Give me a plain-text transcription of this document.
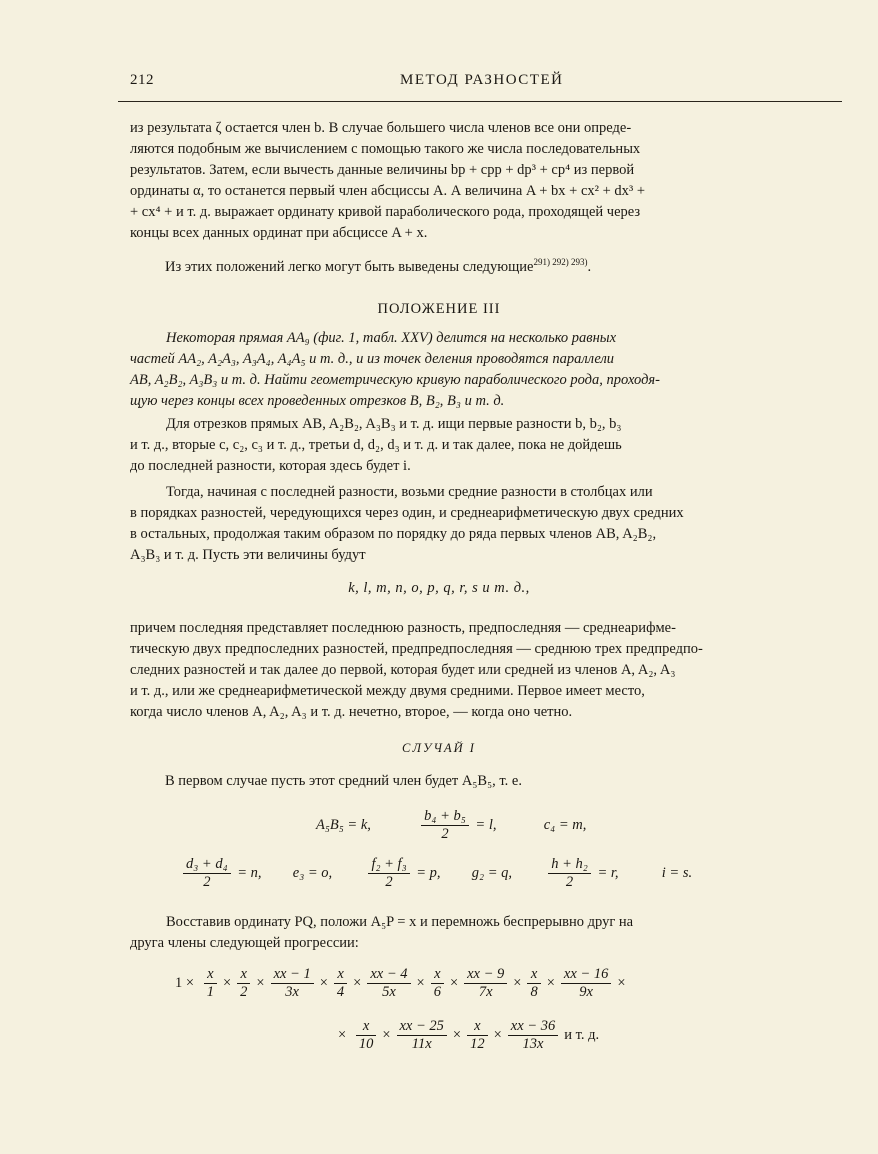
212	МЕТОД РАЗНОСТЕЙ
из результата ζ остается член b. В случае большего числа членов все они опреде-
ляются подобным же вычислением с помощью такого же числа последовательных
результатов. Затем, если вычесть данные величины bp + cpp + dp³ + cp⁴ из первой
ординаты α, то останется первый член абсциссы A. А величина A + bx + cx² + dx³ +
+ cx⁴ + и т. д. выражает ординату кривой параболического рода, проходящей через
концы всех данных ординат при абсциссе A + x.
Из этих положений легко могут быть выведены следующие$^{291) 292) 293)}$.
ПОЛОЖЕНИЕ III
Некоторая прямая AA₉ (фиг. 1, табл. XXV) делится на несколько равных
частей AA₂, A₂A₃, A₃A₄, A₄A₅ и т. д., и из точек деления проводятся параллели
AB, A₂B₂, A₃B₃ и т. д. Найти геометрическую кривую параболического рода, проходя-
щую через концы всех проведенных отрезков B, B₂, B₃ и т. д.
Для отрезков прямых AB, A₂B₂, A₃B₃ и т. д. ищи первые разности b, b₂, b₃
и т. д., вторые c, c₂, c₃ и т. д., третьи d, d₂, d₃ и т. д. и так далее, пока не дойдешь
до последней разности, которая здесь будет i.
Тогда, начиная с последней разности, возьми средние разности в столбцах или
в порядках разностей, чередующихся через один, и среднеарифметическую двух средних
в остальных, продолжая таким образом по порядку до ряда первых членов AB, A₂B₂,
A₃B₃ и т. д. Пусть эти величины будут
k, l, m, n, o, p, q, r, s и т. д.,
причем последняя представляет последнюю разность, предпоследняя — среднеарифме-
тическую двух предпоследних разностей, предпредпоследняя — среднюю трех предпредпо-
следних разностей и так далее до первой, которая будет или средней из членов A, A₂, A₃
и т. д., или же среднеарифметической между двумя средними. Первое имеет место,
когда число членов A, A₂, A₃ и т. д. нечетно, второе, — когда оно четно.
СЛУЧАЙ I
В первом случае пусть этот средний член будет A₅B₅, т. е.
A₅B₅ = k,	$\frac{\text{b₄ + b₅}}{2} = l$,	c₄ = m,
$\frac{\text{d₃ + d₄}}{2} = n$, e₃ = o,	$\frac{\text{f₂ + f₃}}{2} = p$, g₂ = q,	$\frac{\text{h + h₂}}{2} = r$,	i = s.
Восставив ординату PQ, положи A₅P = x и перемножь беспрерывно друг на
друга члены следующей прогрессии:
$1 \times \frac{x}{1} \times \frac{x}{2} \times \frac{xx - 1}{3x} \times \frac{x}{4} \times \frac{xx - 4}{5x} \times \frac{x}{6} \times \frac{xx - 9}{7x} \times \frac{x}{8} \times \frac{xx - 16}{9x}$ ×
× $\frac{x}{10} \times \frac{xx - 25}{11x} \times \frac{x}{12} \times \frac{xx - 36}{13x}$ и т. д.
